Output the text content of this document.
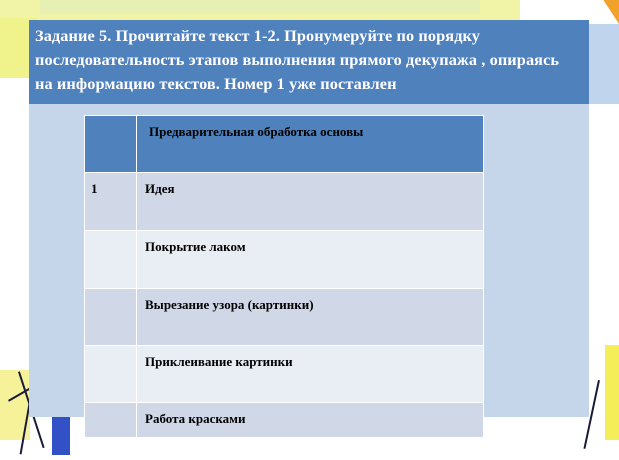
Задание 5. Прочитайте текст 1-2. Пронумеруйте по порядку последовательность этапов выполнения прямого декупажа , опираясь на информацию текстов. Номер 1 уже поставлен
	Предварительная обработка основы
1	Идея
	Покрытие лаком
	Вырезание узора (картинки)
	Приклеивание картинки
	Работа красками
